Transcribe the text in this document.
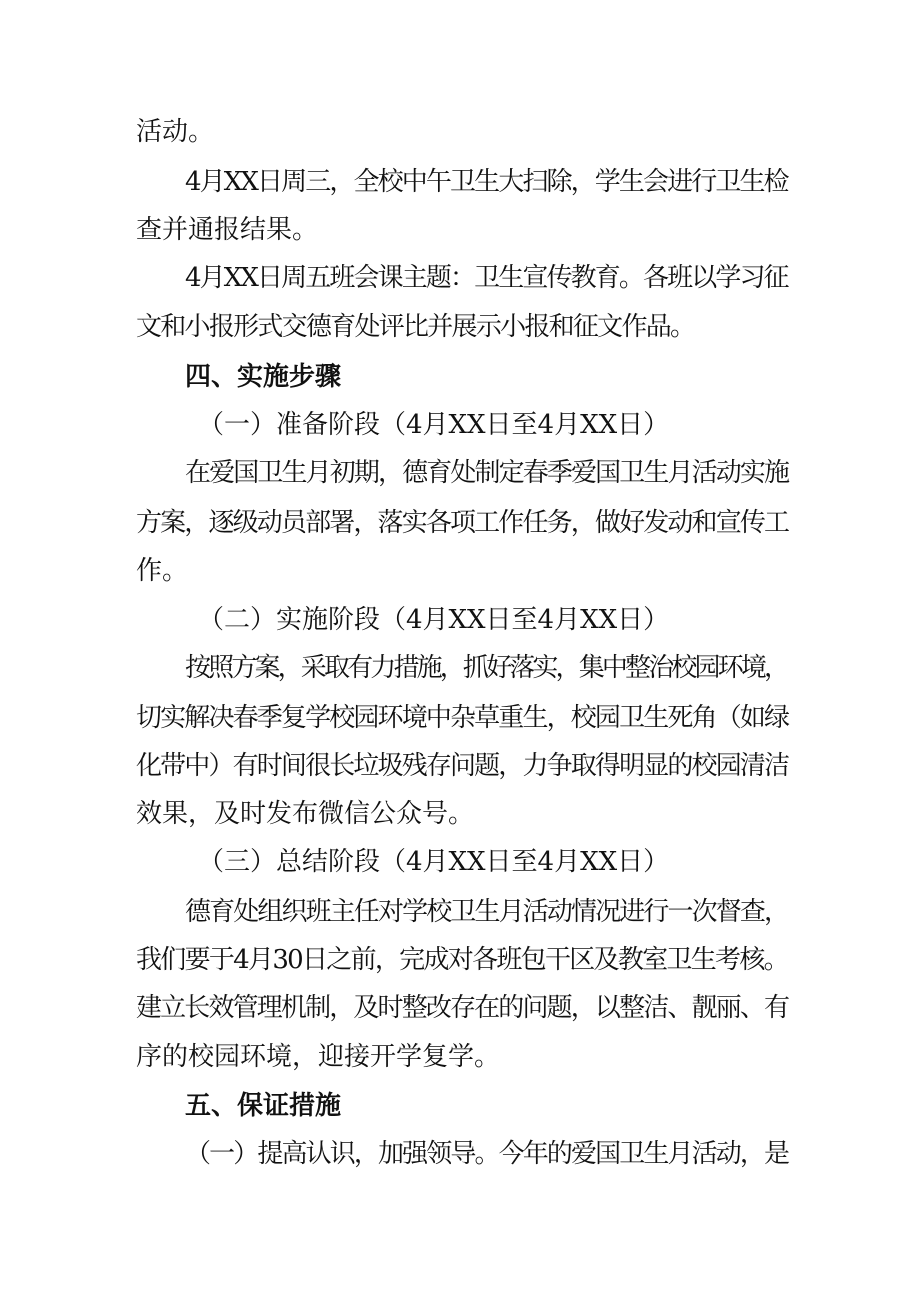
活动。
4月XX日周三，全校中午卫生大扫除，学生会进行卫生检
查并通报结果。
4月XX日周五班会课主题：卫生宣传教育。各班以学习征
文和小报形式交德育处评比并展示小报和征文作品。
四、实施步骤
（一）准备阶段（4月XX日至4月XX日）
在爱国卫生月初期，德育处制定春季爱国卫生月活动实施
方案，逐级动员部署，落实各项工作任务，做好发动和宣传工
作。
（二）实施阶段（4月XX日至4月XX日）
按照方案，采取有力措施，抓好落实，集中整治校园环境，
切实解决春季复学校园环境中杂草重生，校园卫生死角（如绿
化带中）有时间很长垃圾残存问题，力争取得明显的校园清洁
效果，及时发布微信公众号。
（三）总结阶段（4月XX日至4月XX日）
德育处组织班主任对学校卫生月活动情况进行一次督查，
我们要于4月30日之前，完成对各班包干区及教室卫生考核。
建立长效管理机制，及时整改存在的问题，以整洁、靓丽、有
序的校园环境，迎接开学复学。
五、保证措施
（一）提高认识，加强领导。今年的爱国卫生月活动，是
